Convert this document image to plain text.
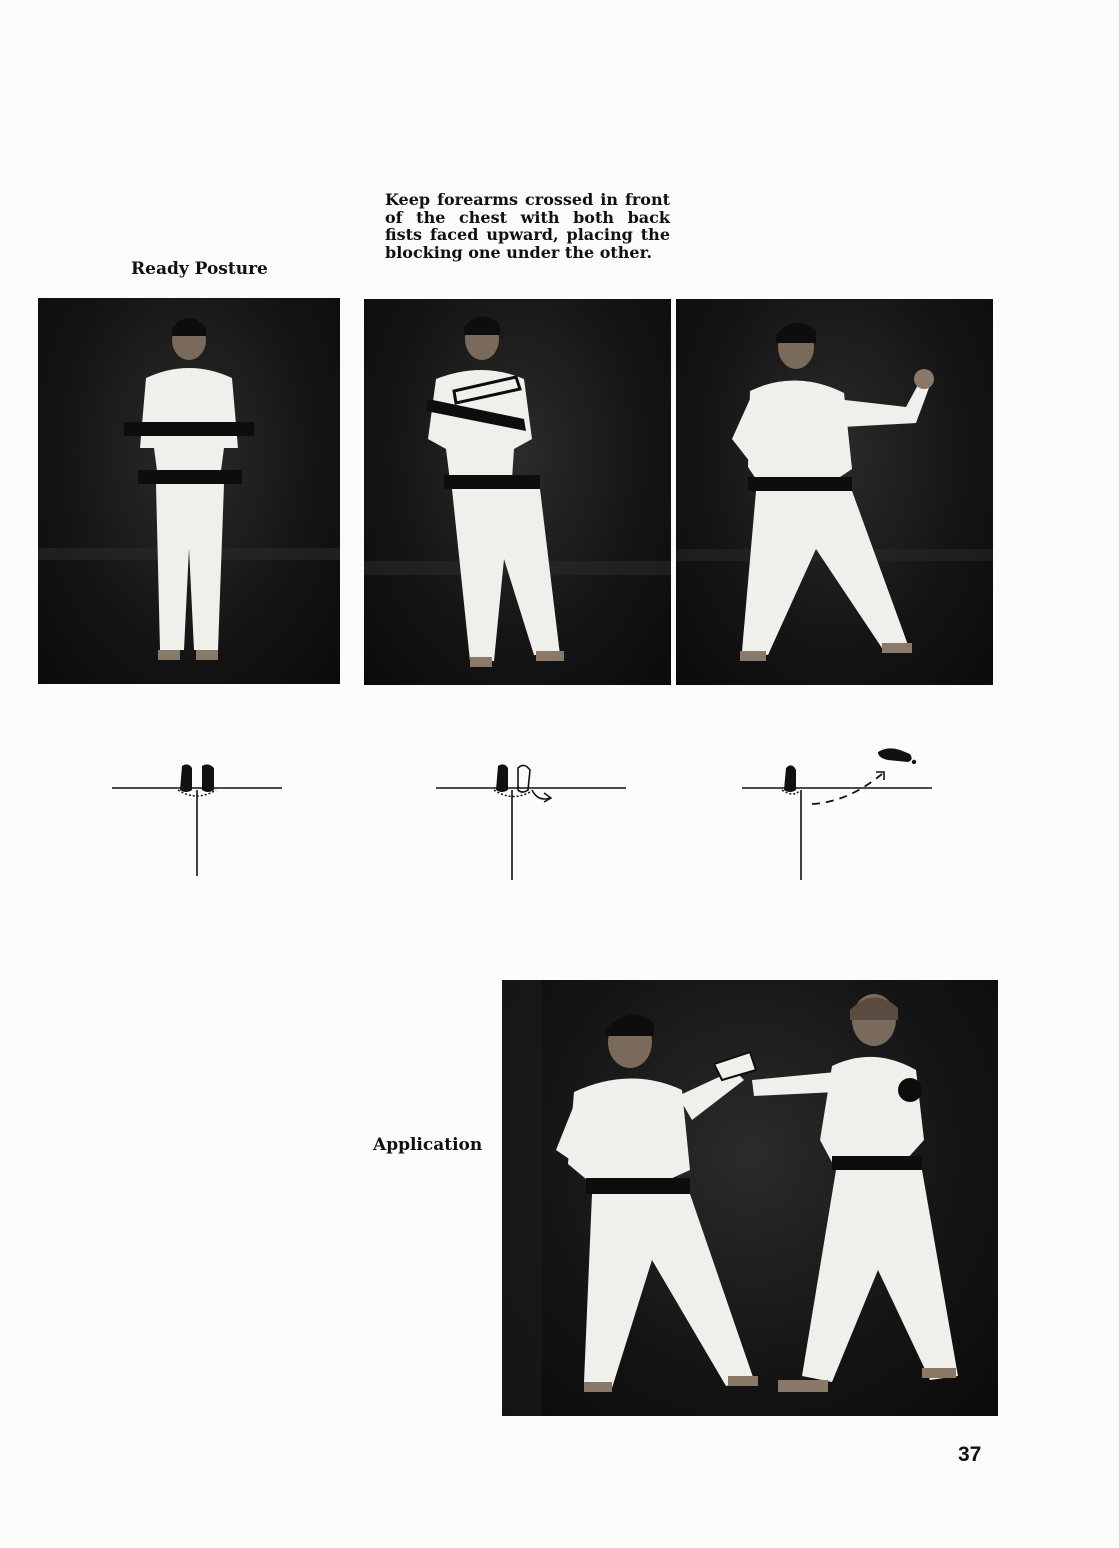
Ready Posture
Keep forearms crossed in front of the chest with both back fists faced upward, placing the blocking one under the other.
Application
37
